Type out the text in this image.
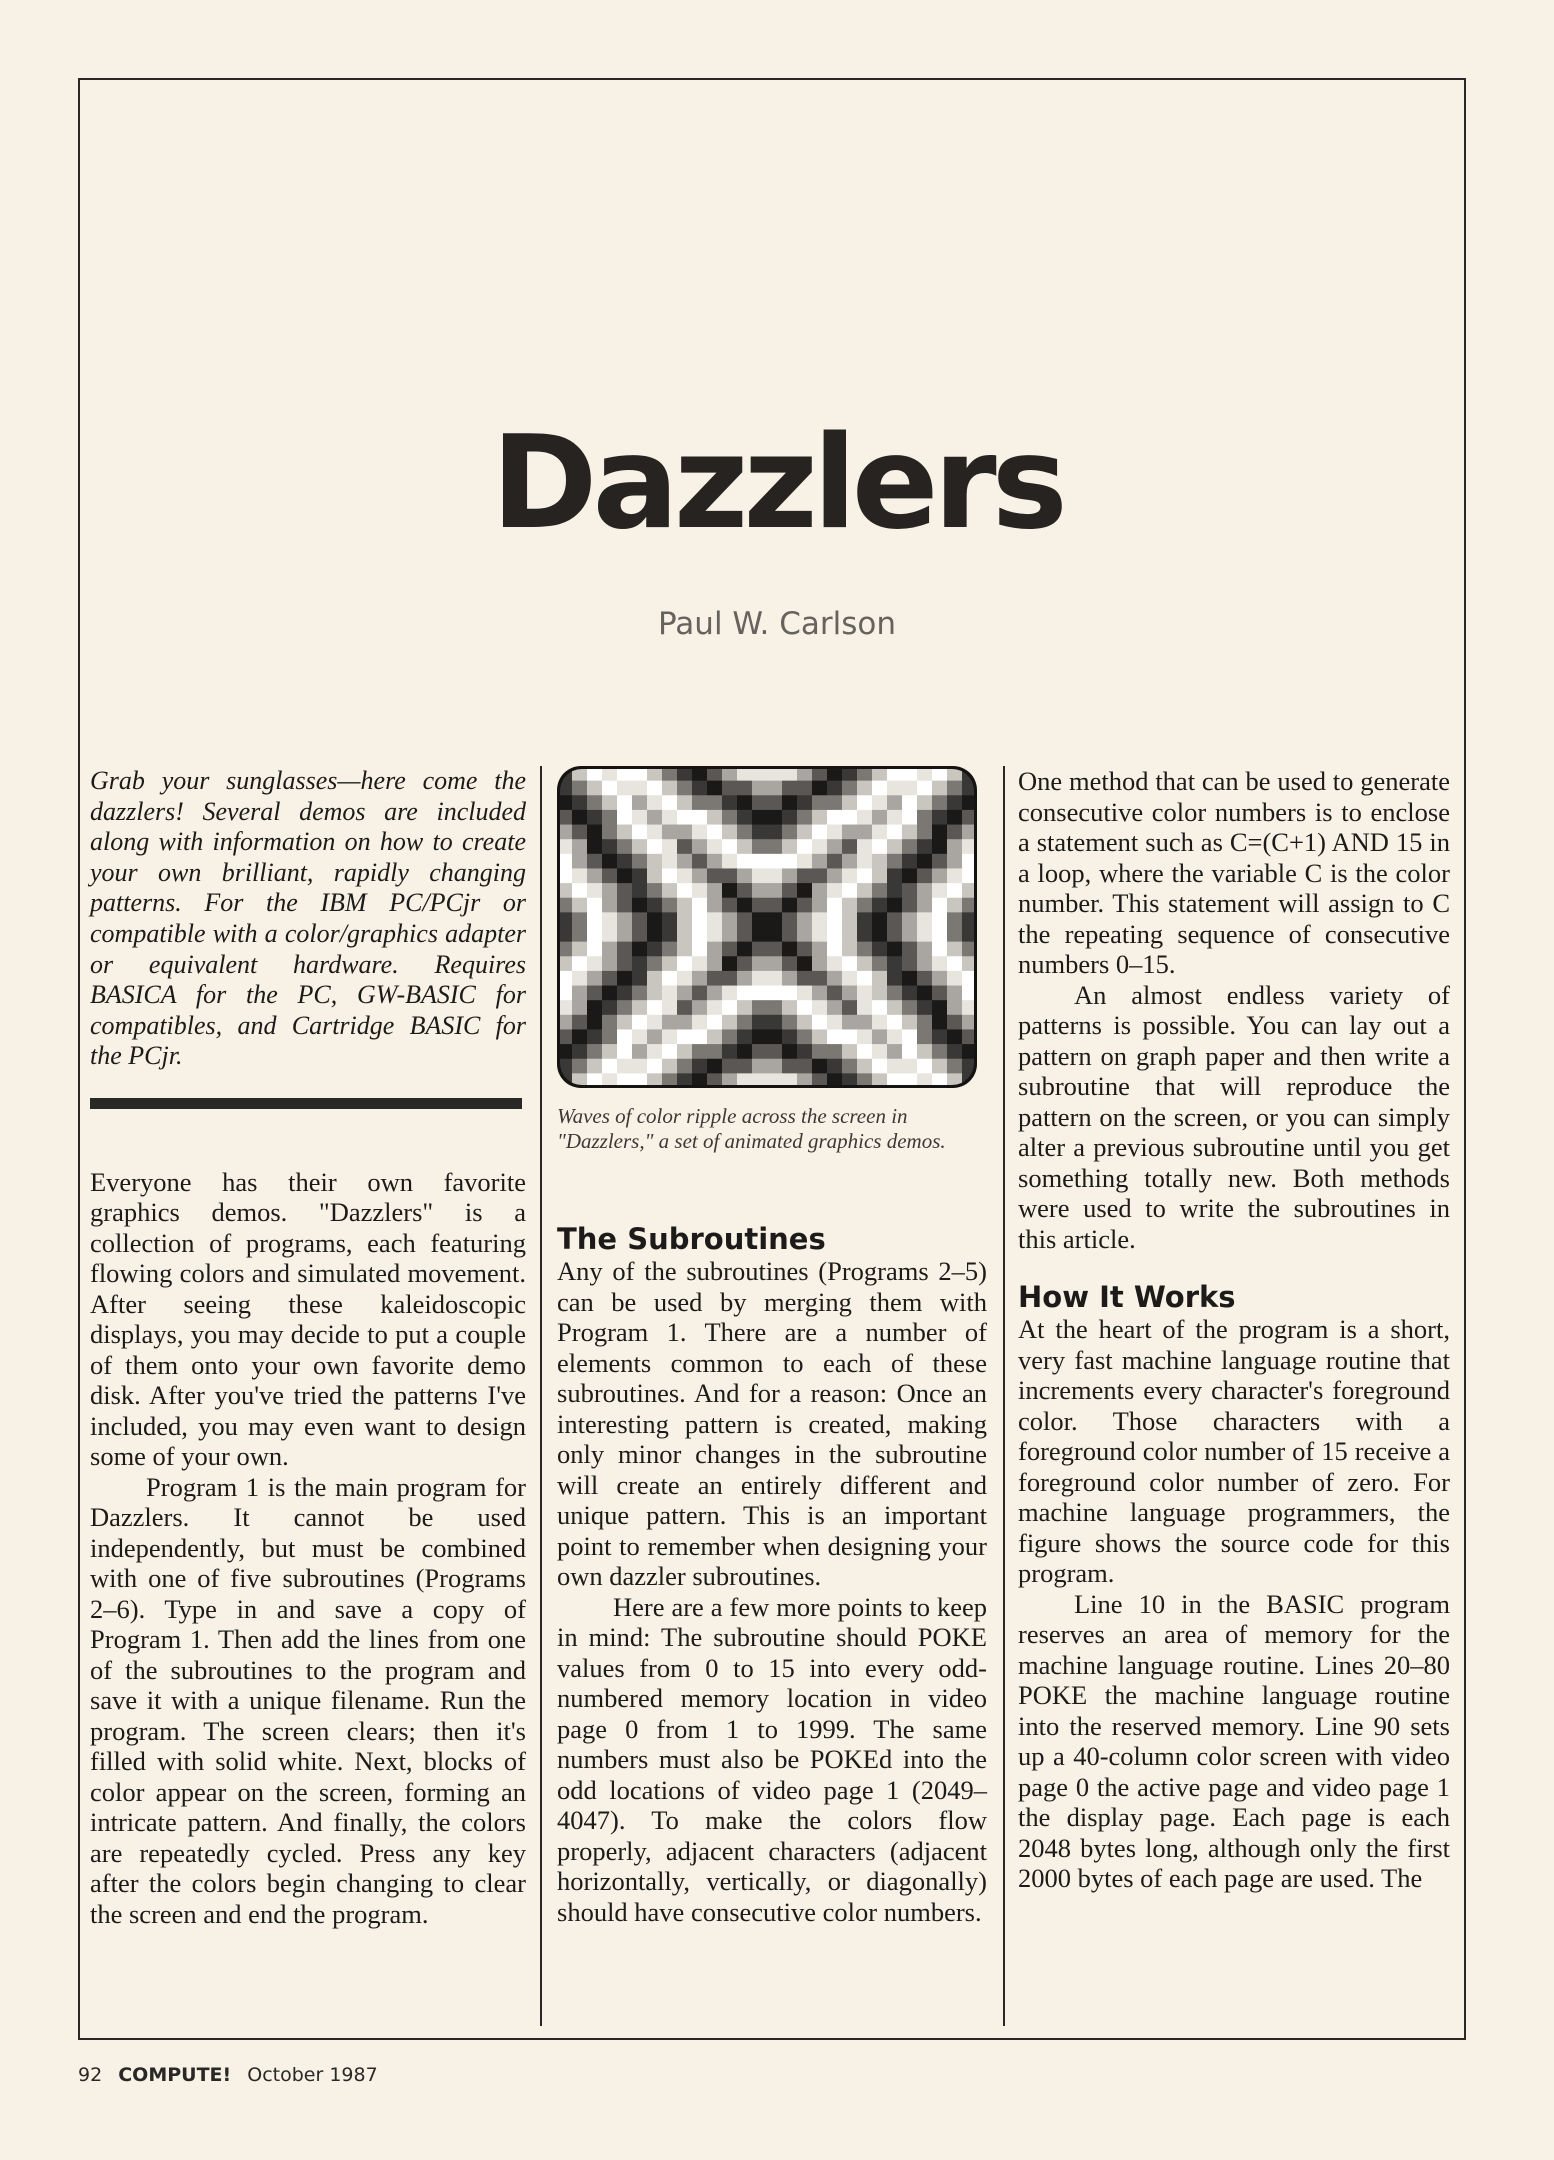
Dazzlers
Paul W. Carlson

Grab your sunglasses—here come the dazzlers! Several demos are included along with information on how to create your own brilliant, rapidly changing patterns. For the IBM PC/PCjr or compatible with a color/graphics adapter or equivalent hardware. Requires BASICA for the PC, GW-BASIC for compatibles, and Cartridge BASIC for the PCjr.

Everyone has their own favorite graphics demos. "Dazzlers" is a collection of programs, each featuring flowing colors and simulated movement. After seeing these kaleidoscopic displays, you may decide to put a couple of them onto your own favorite demo disk. After you've tried the patterns I've included, you may even want to design some of your own.

Program 1 is the main program for Dazzlers. It cannot be used independently, but must be combined with one of five subroutines (Programs 2–6). Type in and save a copy of Program 1. Then add the lines from one of the subroutines to the program and save it with a unique filename. Run the program. The screen clears; then it's filled with solid white. Next, blocks of color appear on the screen, forming an intricate pattern. And finally, the colors are repeatedly cycled. Press any key after the colors begin changing to clear the screen and end the program.

Waves of color ripple across the screen in "Dazzlers," a set of animated graphics demos.
The Subroutines

Any of the subroutines (Programs 2–5) can be used by merging them with Program 1. There are a number of elements common to each of these subroutines. And for a reason: Once an interesting pattern is created, making only minor changes in the subroutine will create an entirely different and unique pattern. This is an important point to remember when designing your own dazzler subroutines.

Here are a few more points to keep in mind: The subroutine should POKE values from 0 to 15 into every odd-numbered memory location in video page 0 from 1 to 1999. The same numbers must also be POKEd into the odd locations of video page 1 (2049–4047). To make the colors flow properly, adjacent characters (adjacent horizontally, vertically, or diagonally) should have consecutive color numbers.

One method that can be used to generate consecutive color numbers is to enclose a statement such as C=(C+1) AND 15 in a loop, where the variable C is the color number. This statement will assign to C the repeating sequence of consecutive numbers 0–15.

An almost endless variety of patterns is possible. You can lay out a pattern on graph paper and then write a subroutine that will reproduce the pattern on the screen, or you can simply alter a previous subroutine until you get something totally new. Both methods were used to write the subroutines in this article.

How It Works

At the heart of the program is a short, very fast machine language routine that increments every character's foreground color. Those characters with a foreground color number of 15 receive a foreground color number of zero. For machine language programmers, the figure shows the source code for this program.

Line 10 in the BASIC program reserves an area of memory for the machine language routine. Lines 20–80 POKE the machine language routine into the reserved memory. Line 90 sets up a 40-column color screen with video page 0 the active page and video page 1 the display page. Each page is each 2048 bytes long, although only the first 2000 bytes of each page are used. The

92 COMPUTE! October 1987
